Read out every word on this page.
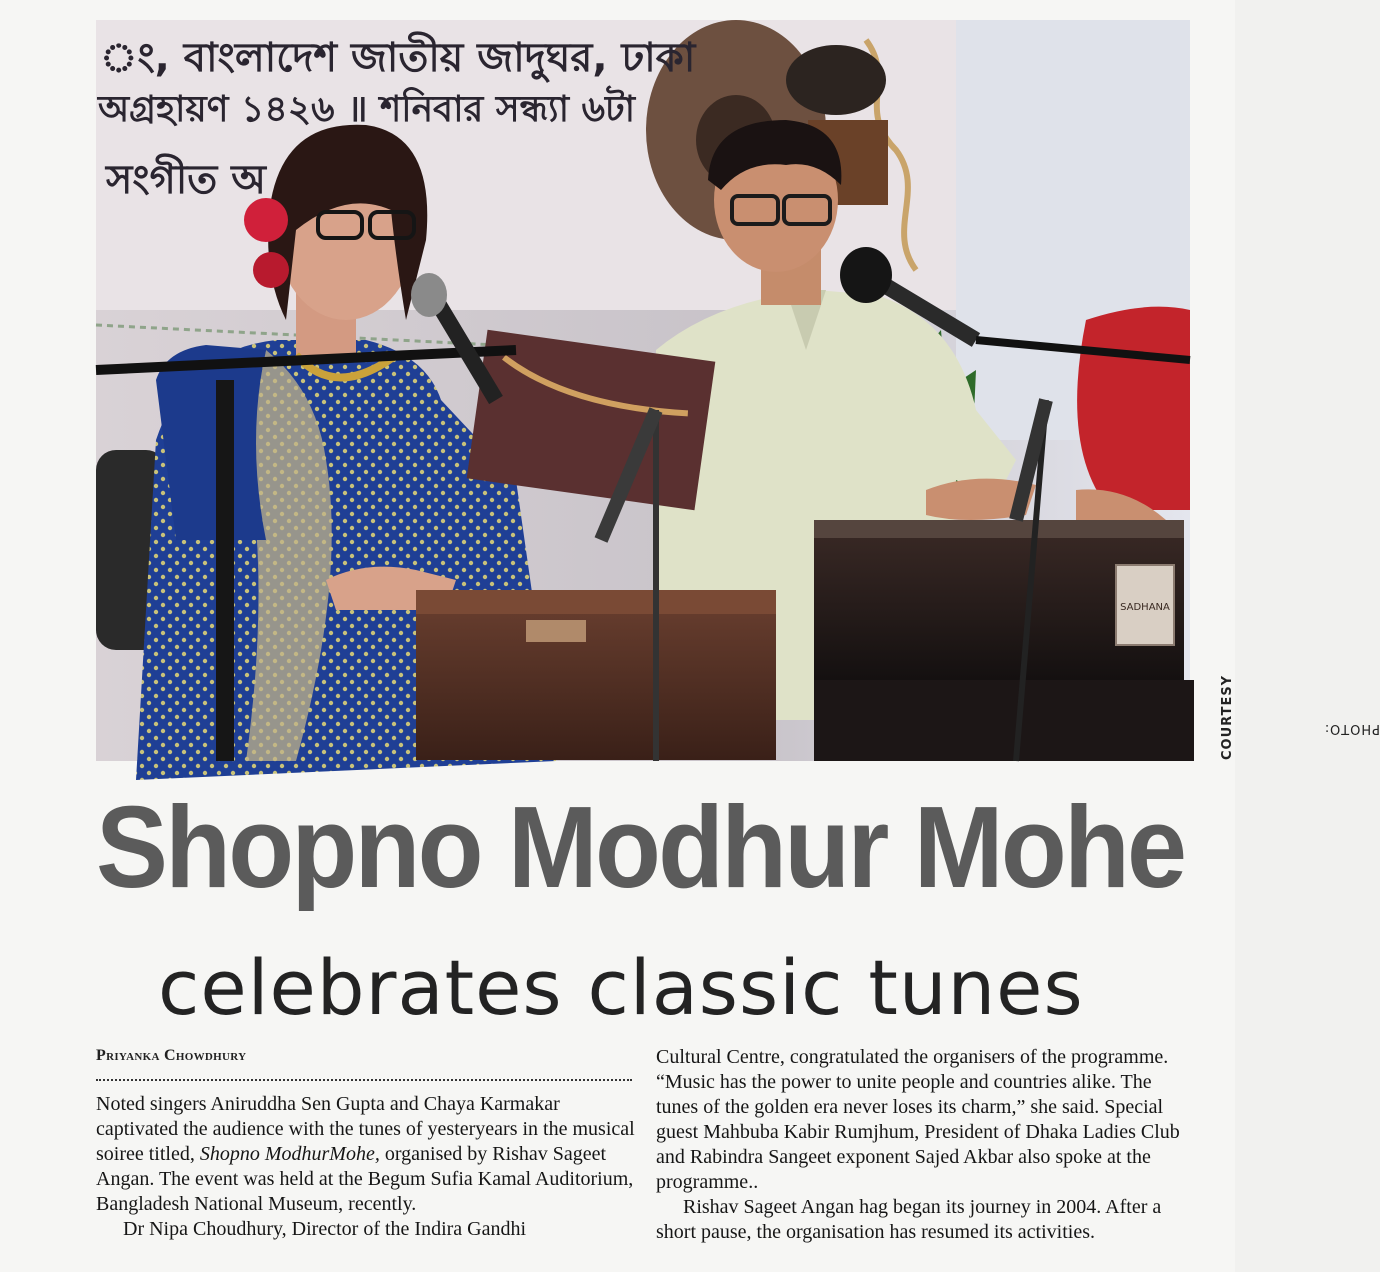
SADHANA
ং, বাংলাদেশ জাতীয় জাদুঘর, ঢাকা
অগ্রহায়ণ ১৪২৬ ॥ শনিবার সন্ধ্যা ৬টা
সংগীত অ
PHOTO:
COURTESY
Shopno Modhur Mohe
celebrates classic tunes
Priyanka Chowdhury

Noted singers Aniruddha Sen Gupta and Chaya Karmakar captivated the audience with the tunes of yesteryears in the musical soiree titled, Shopno ModhurMohe, organised by Rishav Sageet Angan. The event was held at the Begum Sufia Kamal Auditorium, Bangladesh National Museum, recently.

Dr Nipa Choudhury, Director of the Indira Gandhi

Cultural Centre, congratulated the organisers of the programme. “Music has the power to unite people and countries alike. The tunes of the golden era never loses its charm,” she said. Special guest Mahbuba Kabir Rumjhum, President of Dhaka Ladies Club and Rabindra Sangeet exponent Sajed Akbar also spoke at the programme..

Rishav Sageet Angan hag began its journey in 2004. After a short pause, the organisation has resumed its activities.
